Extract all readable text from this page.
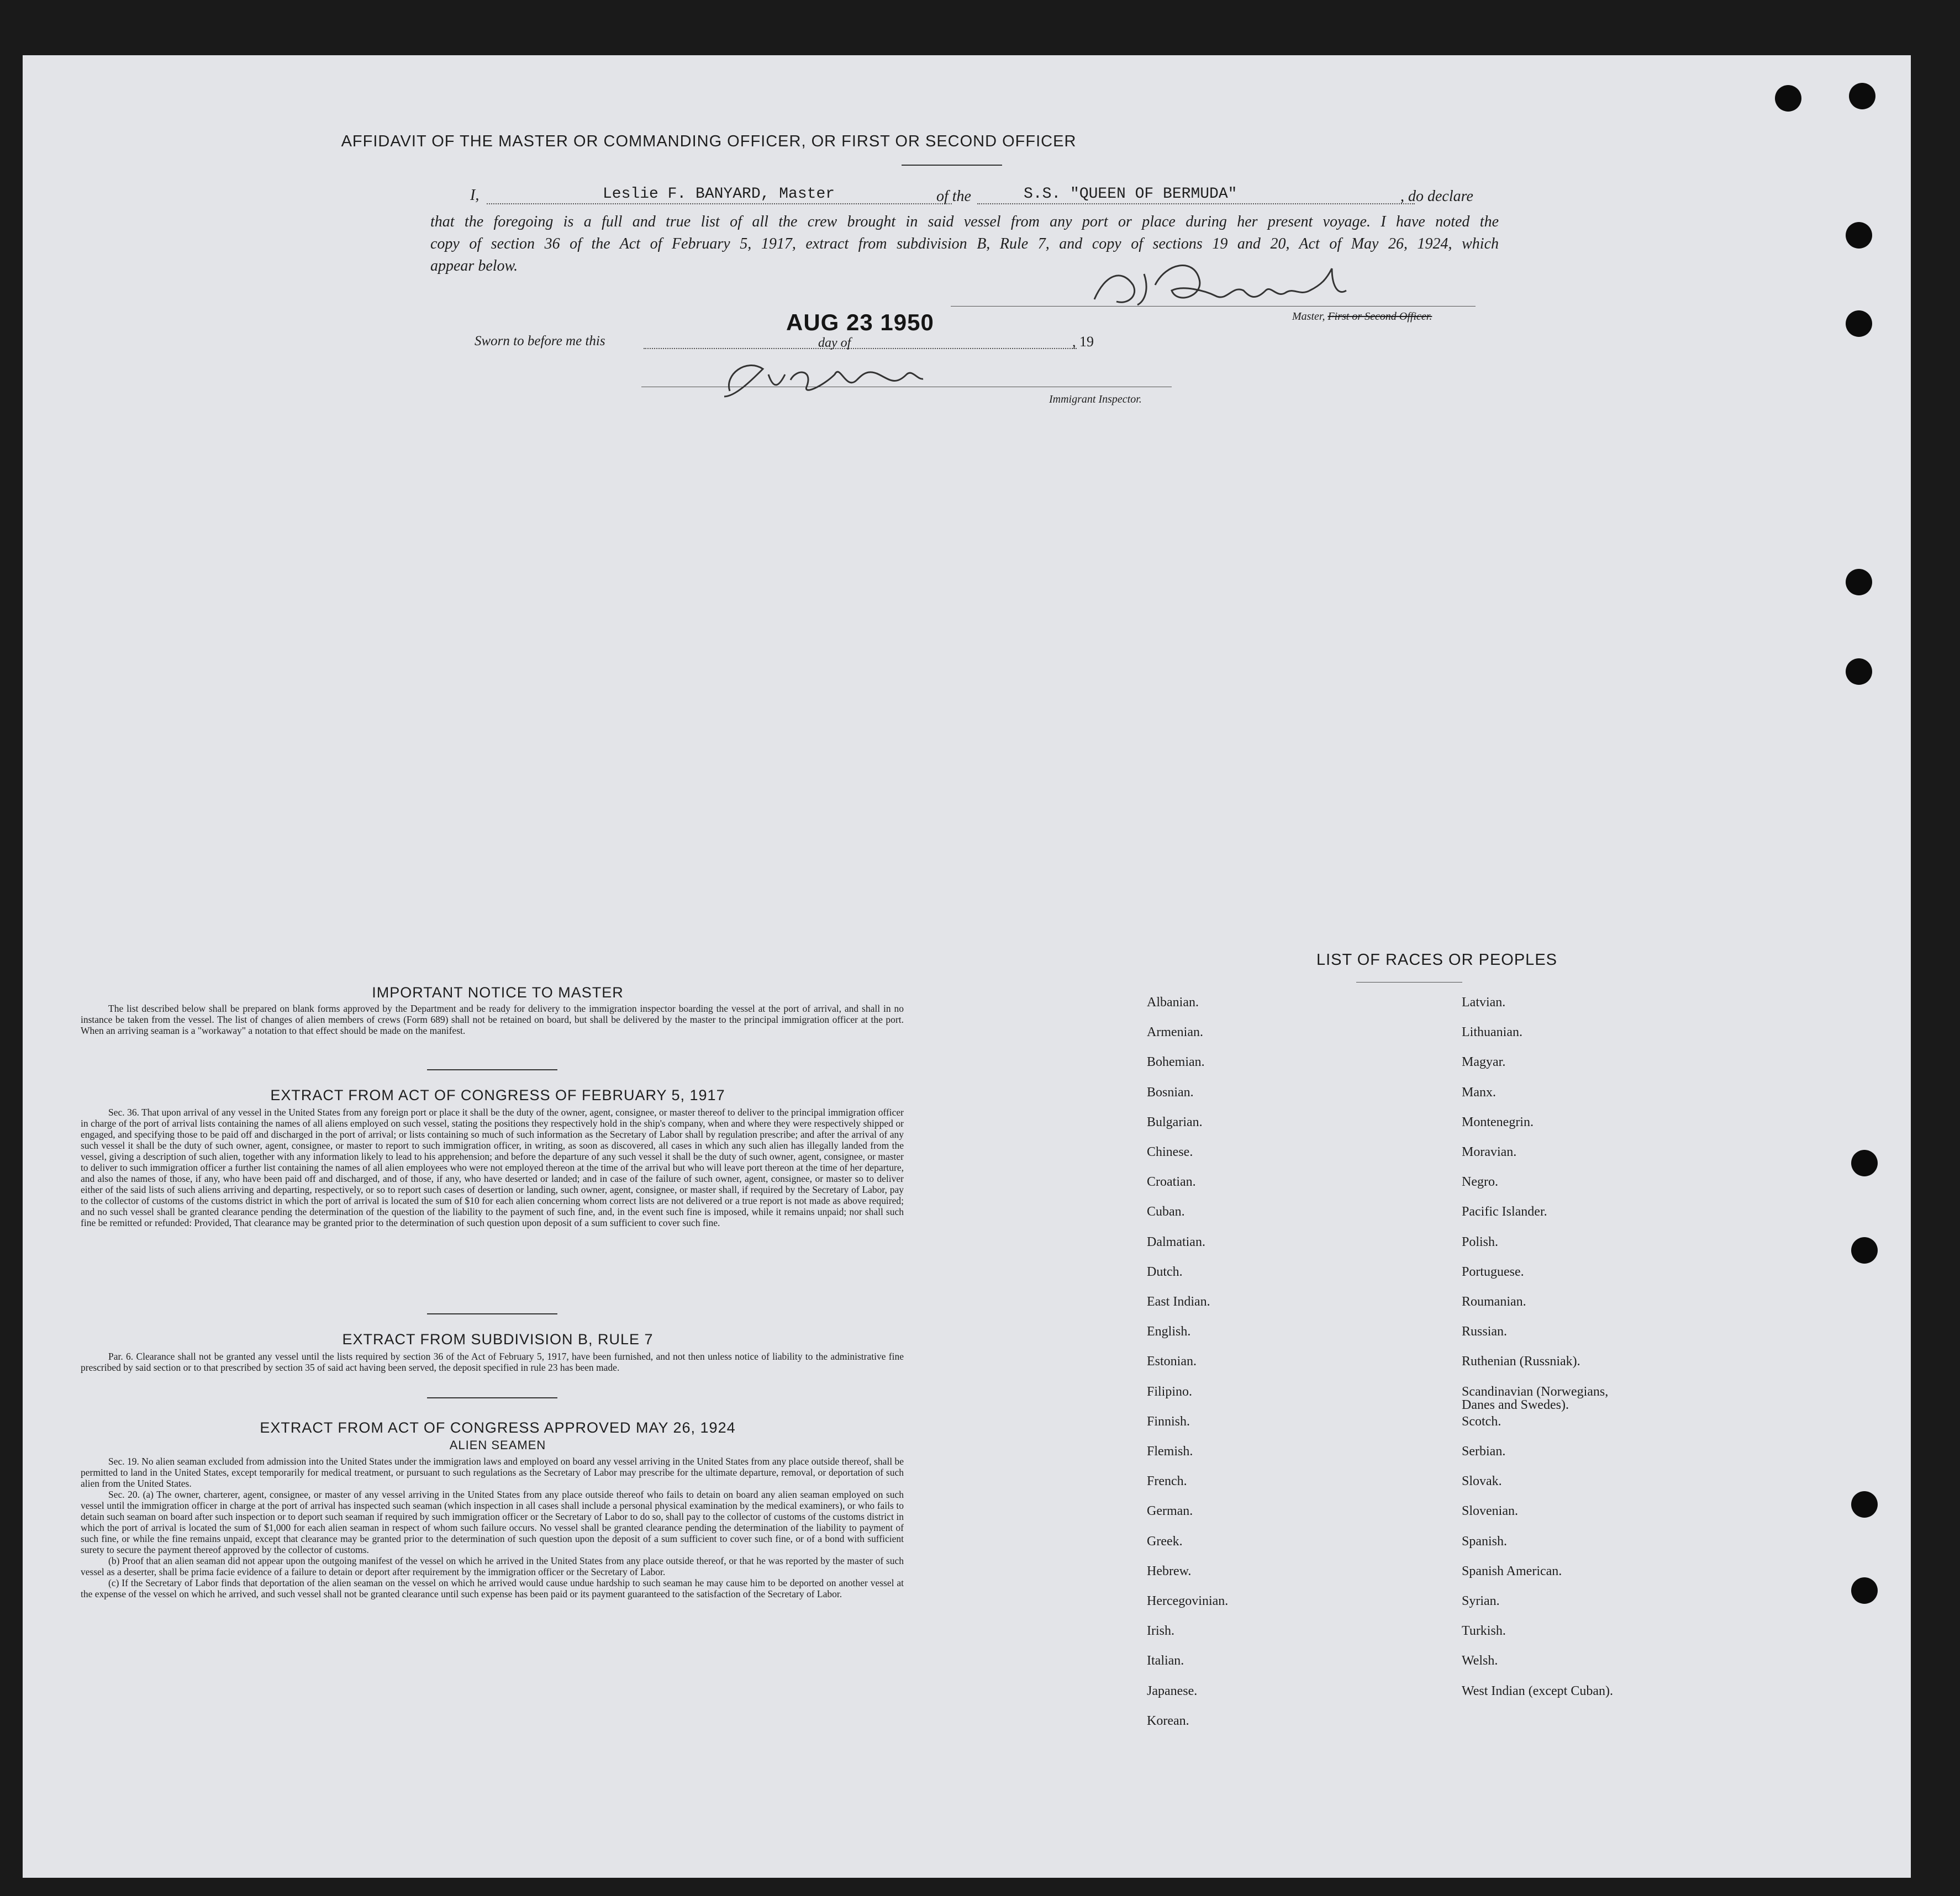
AFFIDAVIT OF THE MASTER OR COMMANDING OFFICER, OR FIRST OR SECOND OFFICER
I,	Leslie F. BANYARD, Master	of the	S.S. "QUEEN OF BERMUDA"	, do declare
that the foregoing is a full and true list of all the crew brought in said vessel from any port or place during her present voyage. I have noted the
copy of section 36 of the Act of February 5, 1917, extract from subdivision B, Rule 7, and copy of sections 19 and 20, Act of May 26, 1924, which
appear below.
Master, First or Second Officer.
Sworn to before me this
AUG 23 1950
day of	, 19
Immigrant Inspector.
IMPORTANT NOTICE TO MASTER

The list described below shall be prepared on blank forms approved by the Department and be ready for delivery to the immigration inspector boarding the vessel at the port of arrival, and shall in no instance be taken from the vessel. The list of changes of alien members of crews (Form 689) shall not be retained on board, but shall be delivered by the master to the principal immigration officer at the port. When an arriving seaman is a "workaway" a notation to that effect should be made on the manifest.

EXTRACT FROM ACT OF CONGRESS OF FEBRUARY 5, 1917

Sec. 36. That upon arrival of any vessel in the United States from any foreign port or place it shall be the duty of the owner, agent, consignee, or master thereof to deliver to the principal immigration officer in charge of the port of arrival lists containing the names of all aliens employed on such vessel, stating the positions they respectively hold in the ship's company, when and where they were respectively shipped or engaged, and specifying those to be paid off and discharged in the port of arrival; or lists containing so much of such information as the Secretary of Labor shall by regulation prescribe; and after the arrival of any such vessel it shall be the duty of such owner, agent, consignee, or master to report to such immigration officer, in writing, as soon as discovered, all cases in which any such alien has illegally landed from the vessel, giving a description of such alien, together with any information likely to lead to his apprehension; and before the departure of any such vessel it shall be the duty of such owner, agent, consignee, or master to deliver to such immigration officer a further list containing the names of all alien employees who were not employed thereon at the time of the arrival but who will leave port thereon at the time of her departure, and also the names of those, if any, who have been paid off and discharged, and of those, if any, who have deserted or landed; and in case of the failure of such owner, agent, consignee, or master so to deliver either of the said lists of such aliens arriving and departing, respectively, or so to report such cases of desertion or landing, such owner, agent, consignee, or master shall, if required by the Secretary of Labor, pay to the collector of customs of the customs district in which the port of arrival is located the sum of $10 for each alien concerning whom correct lists are not delivered or a true report is not made as above required; and no such vessel shall be granted clearance pending the determination of the question of the liability to the payment of such fine, and, in the event such fine is imposed, while it remains unpaid; nor shall such fine be remitted or refunded: Provided, That clearance may be granted prior to the determination of such question upon deposit of a sum sufficient to cover such fine.

EXTRACT FROM SUBDIVISION B, RULE 7

Par. 6. Clearance shall not be granted any vessel until the lists required by section 36 of the Act of February 5, 1917, have been furnished, and not then unless notice of liability to the administrative fine prescribed by said section or to that prescribed by section 35 of said act having been served, the deposit specified in rule 23 has been made.

EXTRACT FROM ACT OF CONGRESS APPROVED MAY 26, 1924
ALIEN SEAMEN

Sec. 19. No alien seaman excluded from admission into the United States under the immigration laws and employed on board any vessel arriving in the United States from any place outside thereof, shall be permitted to land in the United States, except temporarily for medical treatment, or pursuant to such regulations as the Secretary of Labor may prescribe for the ultimate departure, removal, or deportation of such alien from the United States.

Sec. 20. (a) The owner, charterer, agent, consignee, or master of any vessel arriving in the United States from any place outside thereof who fails to detain on board any alien seaman employed on such vessel until the immigration officer in charge at the port of arrival has inspected such seaman (which inspection in all cases shall include a personal physical examination by the medical examiners), or who fails to detain such seaman on board after such inspection or to deport such seaman if required by such immigration officer or the Secretary of Labor to do so, shall pay to the collector of customs of the customs district in which the port of arrival is located the sum of $1,000 for each alien seaman in respect of whom such failure occurs. No vessel shall be granted clearance pending the determination of the liability to payment of such fine, or while the fine remains unpaid, except that clearance may be granted prior to the determination of such question upon the deposit of a sum sufficient to cover such fine, or of a bond with sufficient surety to secure the payment thereof approved by the collector of customs.

(b) Proof that an alien seaman did not appear upon the outgoing manifest of the vessel on which he arrived in the United States from any place outside thereof, or that he was reported by the master of such vessel as a deserter, shall be prima facie evidence of a failure to detain or deport after requirement by the immigration officer or the Secretary of Labor.

(c) If the Secretary of Labor finds that deportation of the alien seaman on the vessel on which he arrived would cause undue hardship to such seaman he may cause him to be deported on another vessel at the expense of the vessel on which he arrived, and such vessel shall not be granted clearance until such expense has been paid or its payment guaranteed to the satisfaction of the Secretary of Labor.

LIST OF RACES OR PEOPLES
Albanian.
Armenian.
Bohemian.
Bosnian.
Bulgarian.
Chinese.
Croatian.
Cuban.
Dalmatian.
Dutch.
East Indian.
English.
Estonian.
Filipino.
Finnish.
Flemish.
French.
German.
Greek.
Hebrew.
Hercegovinian.
Irish.
Italian.
Japanese.
Korean.
Latvian.
Lithuanian.
Magyar.
Manx.
Montenegrin.
Moravian.
Negro.
Pacific Islander.
Polish.
Portuguese.
Roumanian.
Russian.
Ruthenian (Russniak).
Scandinavian (Norwegians,
Danes and Swedes).
Scotch.
Serbian.
Slovak.
Slovenian.
Spanish.
Spanish American.
Syrian.
Turkish.
Welsh.
West Indian (except Cuban).
